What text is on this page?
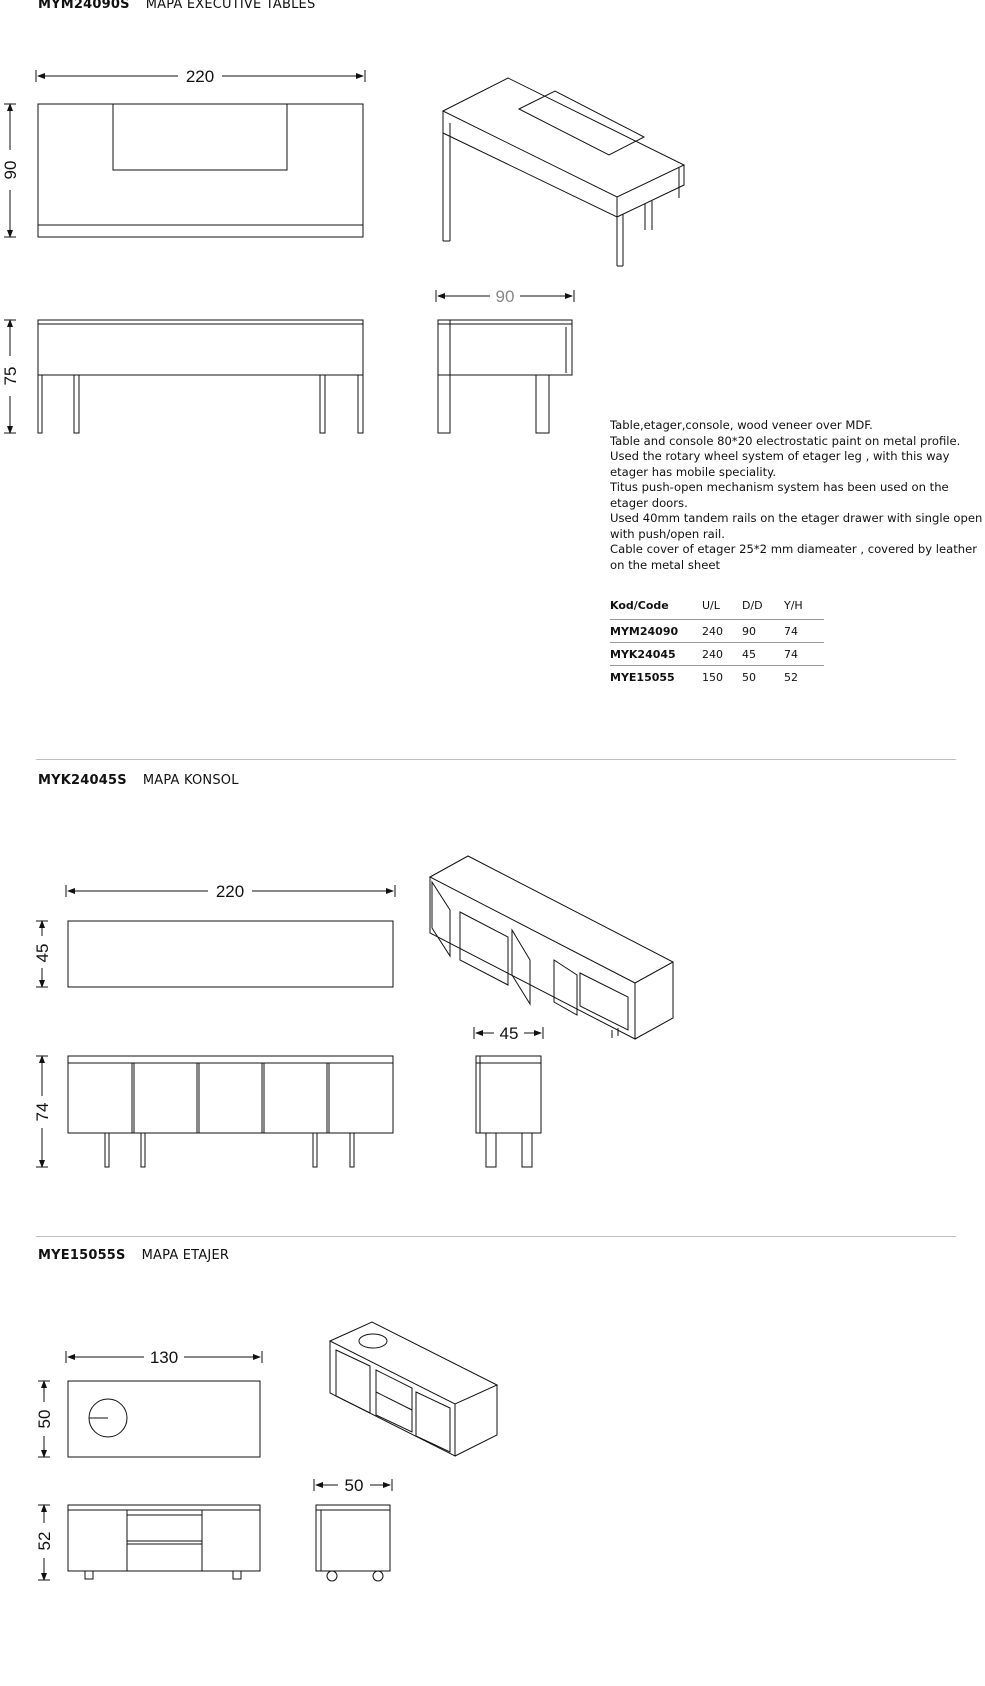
MYM24090S MAPA EXECUTIVE TABLES
MYK24045S MAPA KONSOL
MYE15055S MAPA ETAJER
220
90
75
90
220
45
74
45
130
50
52
50

Table,etager,console, wood veneer over MDF.

Table and console 80*20 electrostatic paint on metal profile.

Used the rotary wheel system of etager leg , with this way etager has mobile speciality.

Titus push-open mechanism system has been used on the etager doors.

Used 40mm tandem rails on the etager drawer with single open with push/open rail.

Cable cover of etager 25*2 mm diameater , covered by leather on the metal sheet

Kod/Code	U/L	D/D	Y/H
MYM24090	240	90	74
MYK24045	240	45	74
MYE15055	150	50	52
